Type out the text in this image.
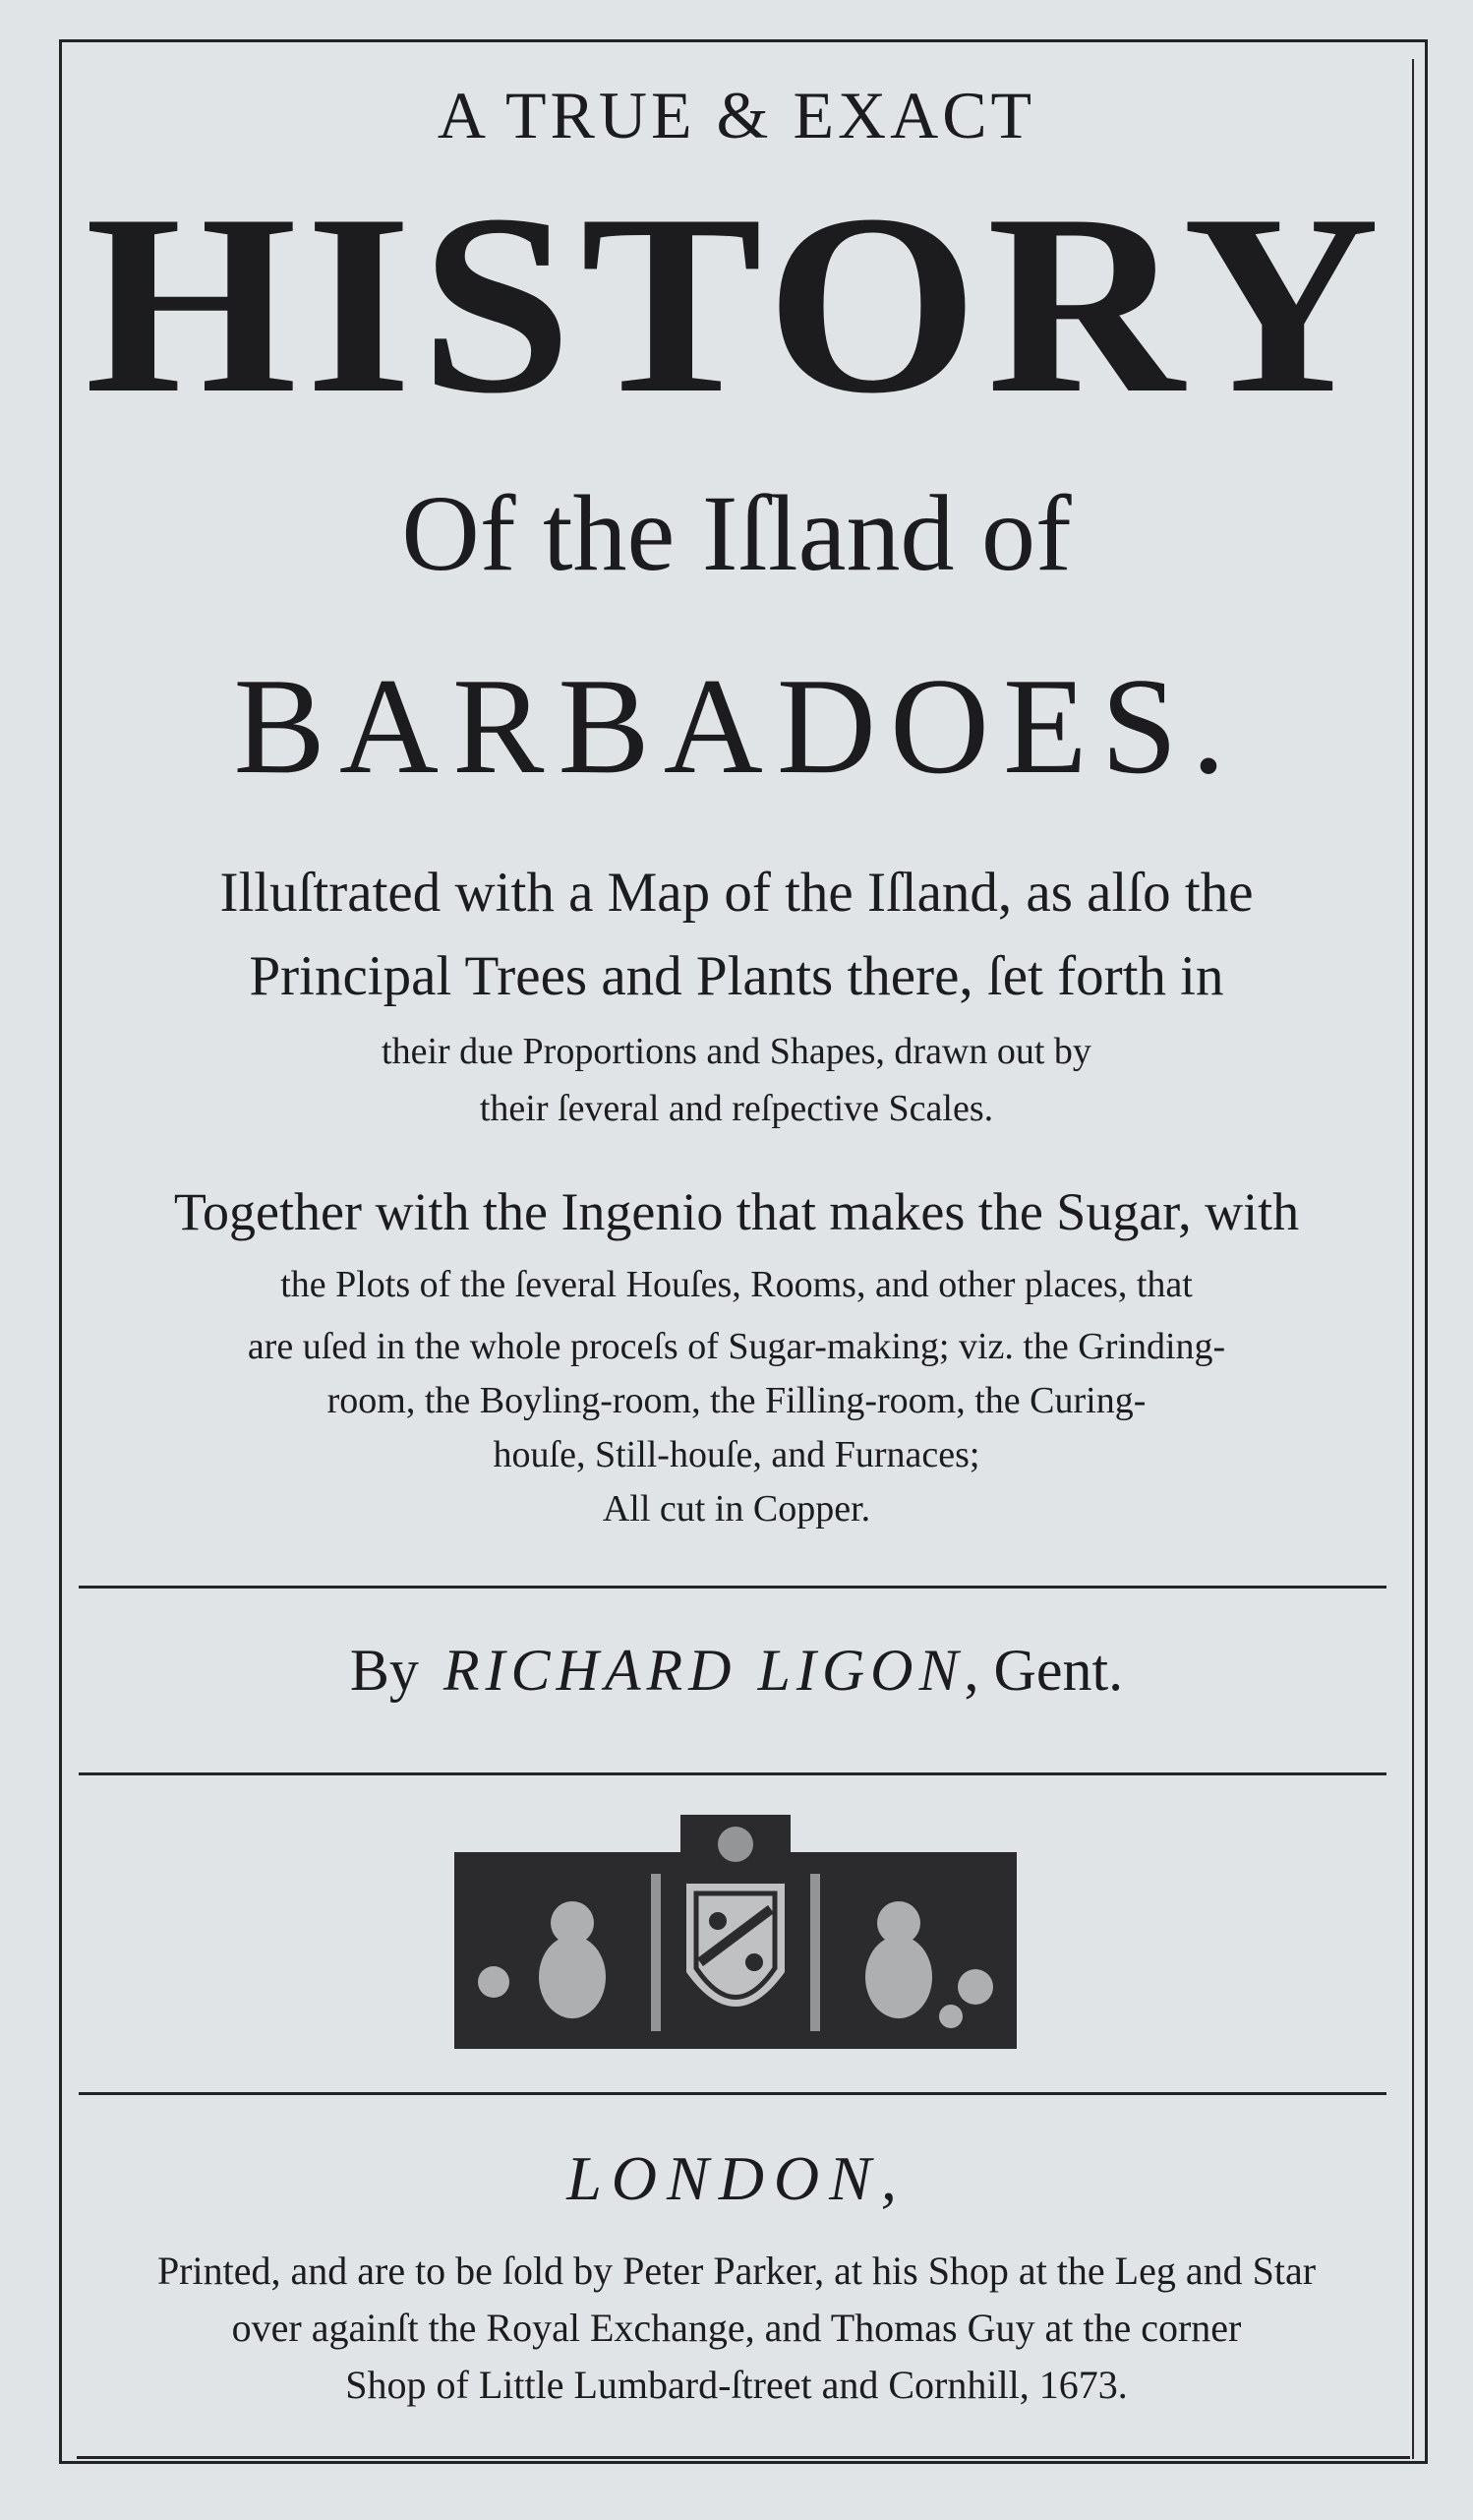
A TRUE & EXACT
HISTORY
Of the Iſland of
BARBADOES.
Illuſtrated with a Map of the Iſland, as alſo the
Principal Trees and Plants there, ſet forth in
their due Proportions and Shapes, drawn out by
their ſeveral and reſpective Scales.
Together with the Ingenio that makes the Sugar, with
the Plots of the ſeveral Houſes, Rooms, and other places, that
are uſed in the whole proceſs of Sugar-making; viz. the Grinding-
room, the Boyling-room, the Filling-room, the Curing-
houſe, Still-houſe, and Furnaces;
All cut in Copper.
By RICHARD LIGON, Gent.
LONDON,
Printed, and are to be ſold by Peter Parker, at his Shop at the Leg and Star
over againſt the Royal Exchange, and Thomas Guy at the corner
Shop of Little Lumbard-ſtreet and Cornhill, 1673.
